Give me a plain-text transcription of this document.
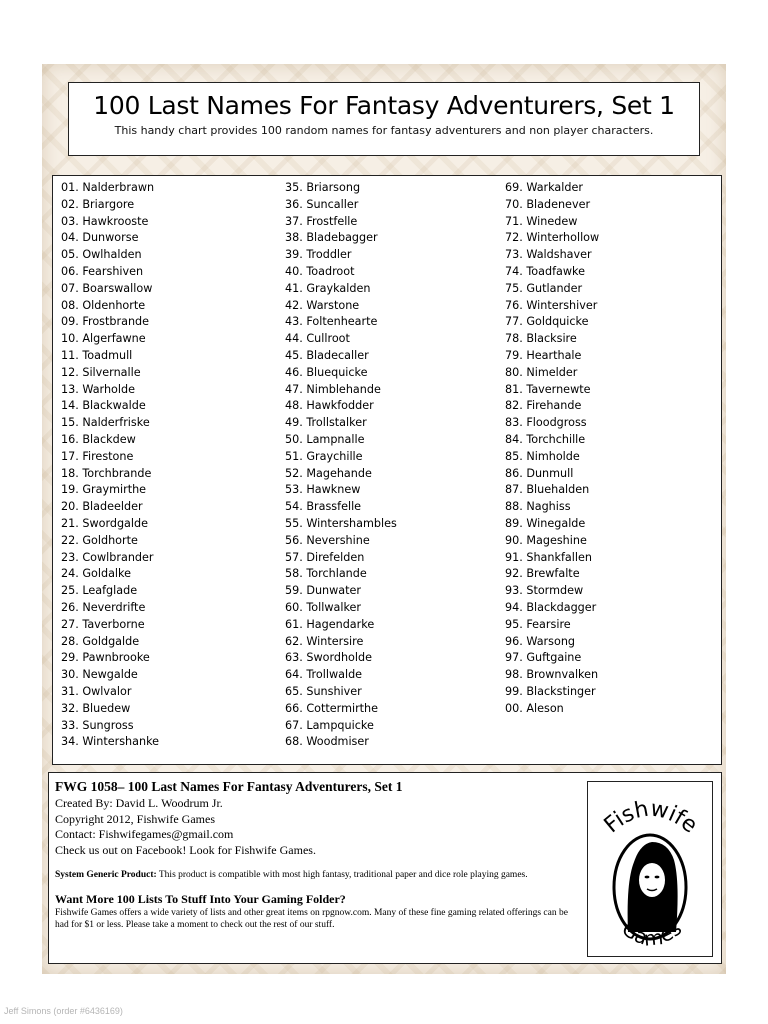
100 Last Names For Fantasy Adventurers, Set 1

This handy chart provides 100 random names for fantasy adventurers and non player characters.

01. Nalderbrawn
02. Briargore
03. Hawkrooste
04. Dunworse
05. Owlhalden
06. Fearshiven
07. Boarswallow
08. Oldenhorte
09. Frostbrande
10. Algerfawne
11. Toadmull
12. Silvernalle
13. Warholde
14. Blackwalde
15. Nalderfriske
16. Blackdew
17. Firestone
18. Torchbrande
19. Graymirthe
20. Bladeelder
21. Swordgalde
22. Goldhorte
23. Cowlbrander
24. Goldalke
25. Leafglade
26. Neverdrifte
27. Taverborne
28. Goldgalde
29. Pawnbrooke
30. Newgalde
31. Owlvalor
32. Bluedew
33. Sungross
34. Wintershanke
35. Briarsong
36. Suncaller
37. Frostfelle
38. Bladebagger
39. Troddler
40. Toadroot
41. Graykalden
42. Warstone
43. Foltenhearte
44. Cullroot
45. Bladecaller
46. Bluequicke
47. Nimblehande
48. Hawkfodder
49. Trollstalker
50. Lampnalle
51. Graychille
52. Magehande
53. Hawknew
54. Brassfelle
55. Wintershambles
56. Nevershine
57. Direfelden
58. Torchlande
59. Dunwater
60. Tollwalker
61. Hagendarke
62. Wintersire
63. Swordholde
64. Trollwalde
65. Sunshiver
66. Cottermirthe
67. Lampquicke
68. Woodmiser
69. Warkalder
70. Bladenever
71. Winedew
72. Winterhollow
73. Waldshaver
74. Toadfawke
75. Gutlander
76. Wintershiver
77. Goldquicke
78. Blacksire
79. Hearthale
80. Nimelder
81. Tavernewte
82. Firehande
83. Floodgross
84. Torchchille
85. Nimholde
86. Dunmull
87. Bluehalden
88. Naghiss
89. Winegalde
90. Mageshine
91. Shankfallen
92. Brewfalte
93. Stormdew
94. Blackdagger
95. Fearsire
96. Warsong
97. Guftgaine
98. Brownvalken
99. Blackstinger
00. Aleson

FWG 1058– 100 Last Names For Fantasy Adventurers, Set 1

Created By: David L. Woodrum Jr.

Copyright 2012, Fishwife Games

Contact: Fishwifegames@gmail.com

Check us out on Facebook! Look for Fishwife Games.

System Generic Product: This product is compatible with most high fantasy, traditional paper and dice role playing games.

Want More 100 Lists To Stuff Into Your Gaming Folder?

Fishwife Games offers a wide variety of lists and other great items on rpgnow.com. Many of these fine gaming related offerings can be had for $1 or less. Please take a moment to check out the rest of our stuff.

Fishwife
Games
Jeff Simons (order #6436169)
